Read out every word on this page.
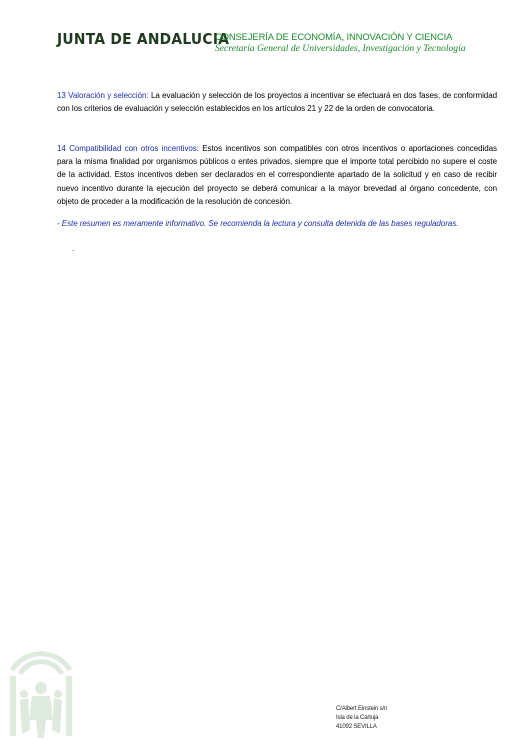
JUNTA DE ANDALUCIA
CONSEJERÍA DE ECONOMÍA, INNOVACIÓN Y CIENCIA
Secretaría General de Universidades, Investigación y Tecnología
13 Valoración y selección: La evaluación y selección de los proyectos a incentivar se efectuará en dos fases, de conformidad con los criterios de evaluación y selección establecidos en los artículos 21 y 22 de la orden de convocatoria.
14 Compatibilidad con otros incentivos: Estos incentivos son compatibles con otros incentivos o aportaciones concedidas para la misma finalidad por organismos públicos o entes privados, siempre que el importe total percibido no supere el coste de la actividad. Estos incentivos deben ser declarados en el correspondiente apartado de la solicitud y en caso de recibir nuevo incentivo durante la ejecución del proyecto se deberá comunicar a la mayor brevedad al órgano concedente, con objeto de proceder a la modificación de la resolución de concesión.
- Este resumen es meramente informativo. Se recomienda la lectura y consulta detenida de las bases reguladoras.
.
C/Albert Einstein s/n
Isla de la Cartuja
41092 SEVILLA
